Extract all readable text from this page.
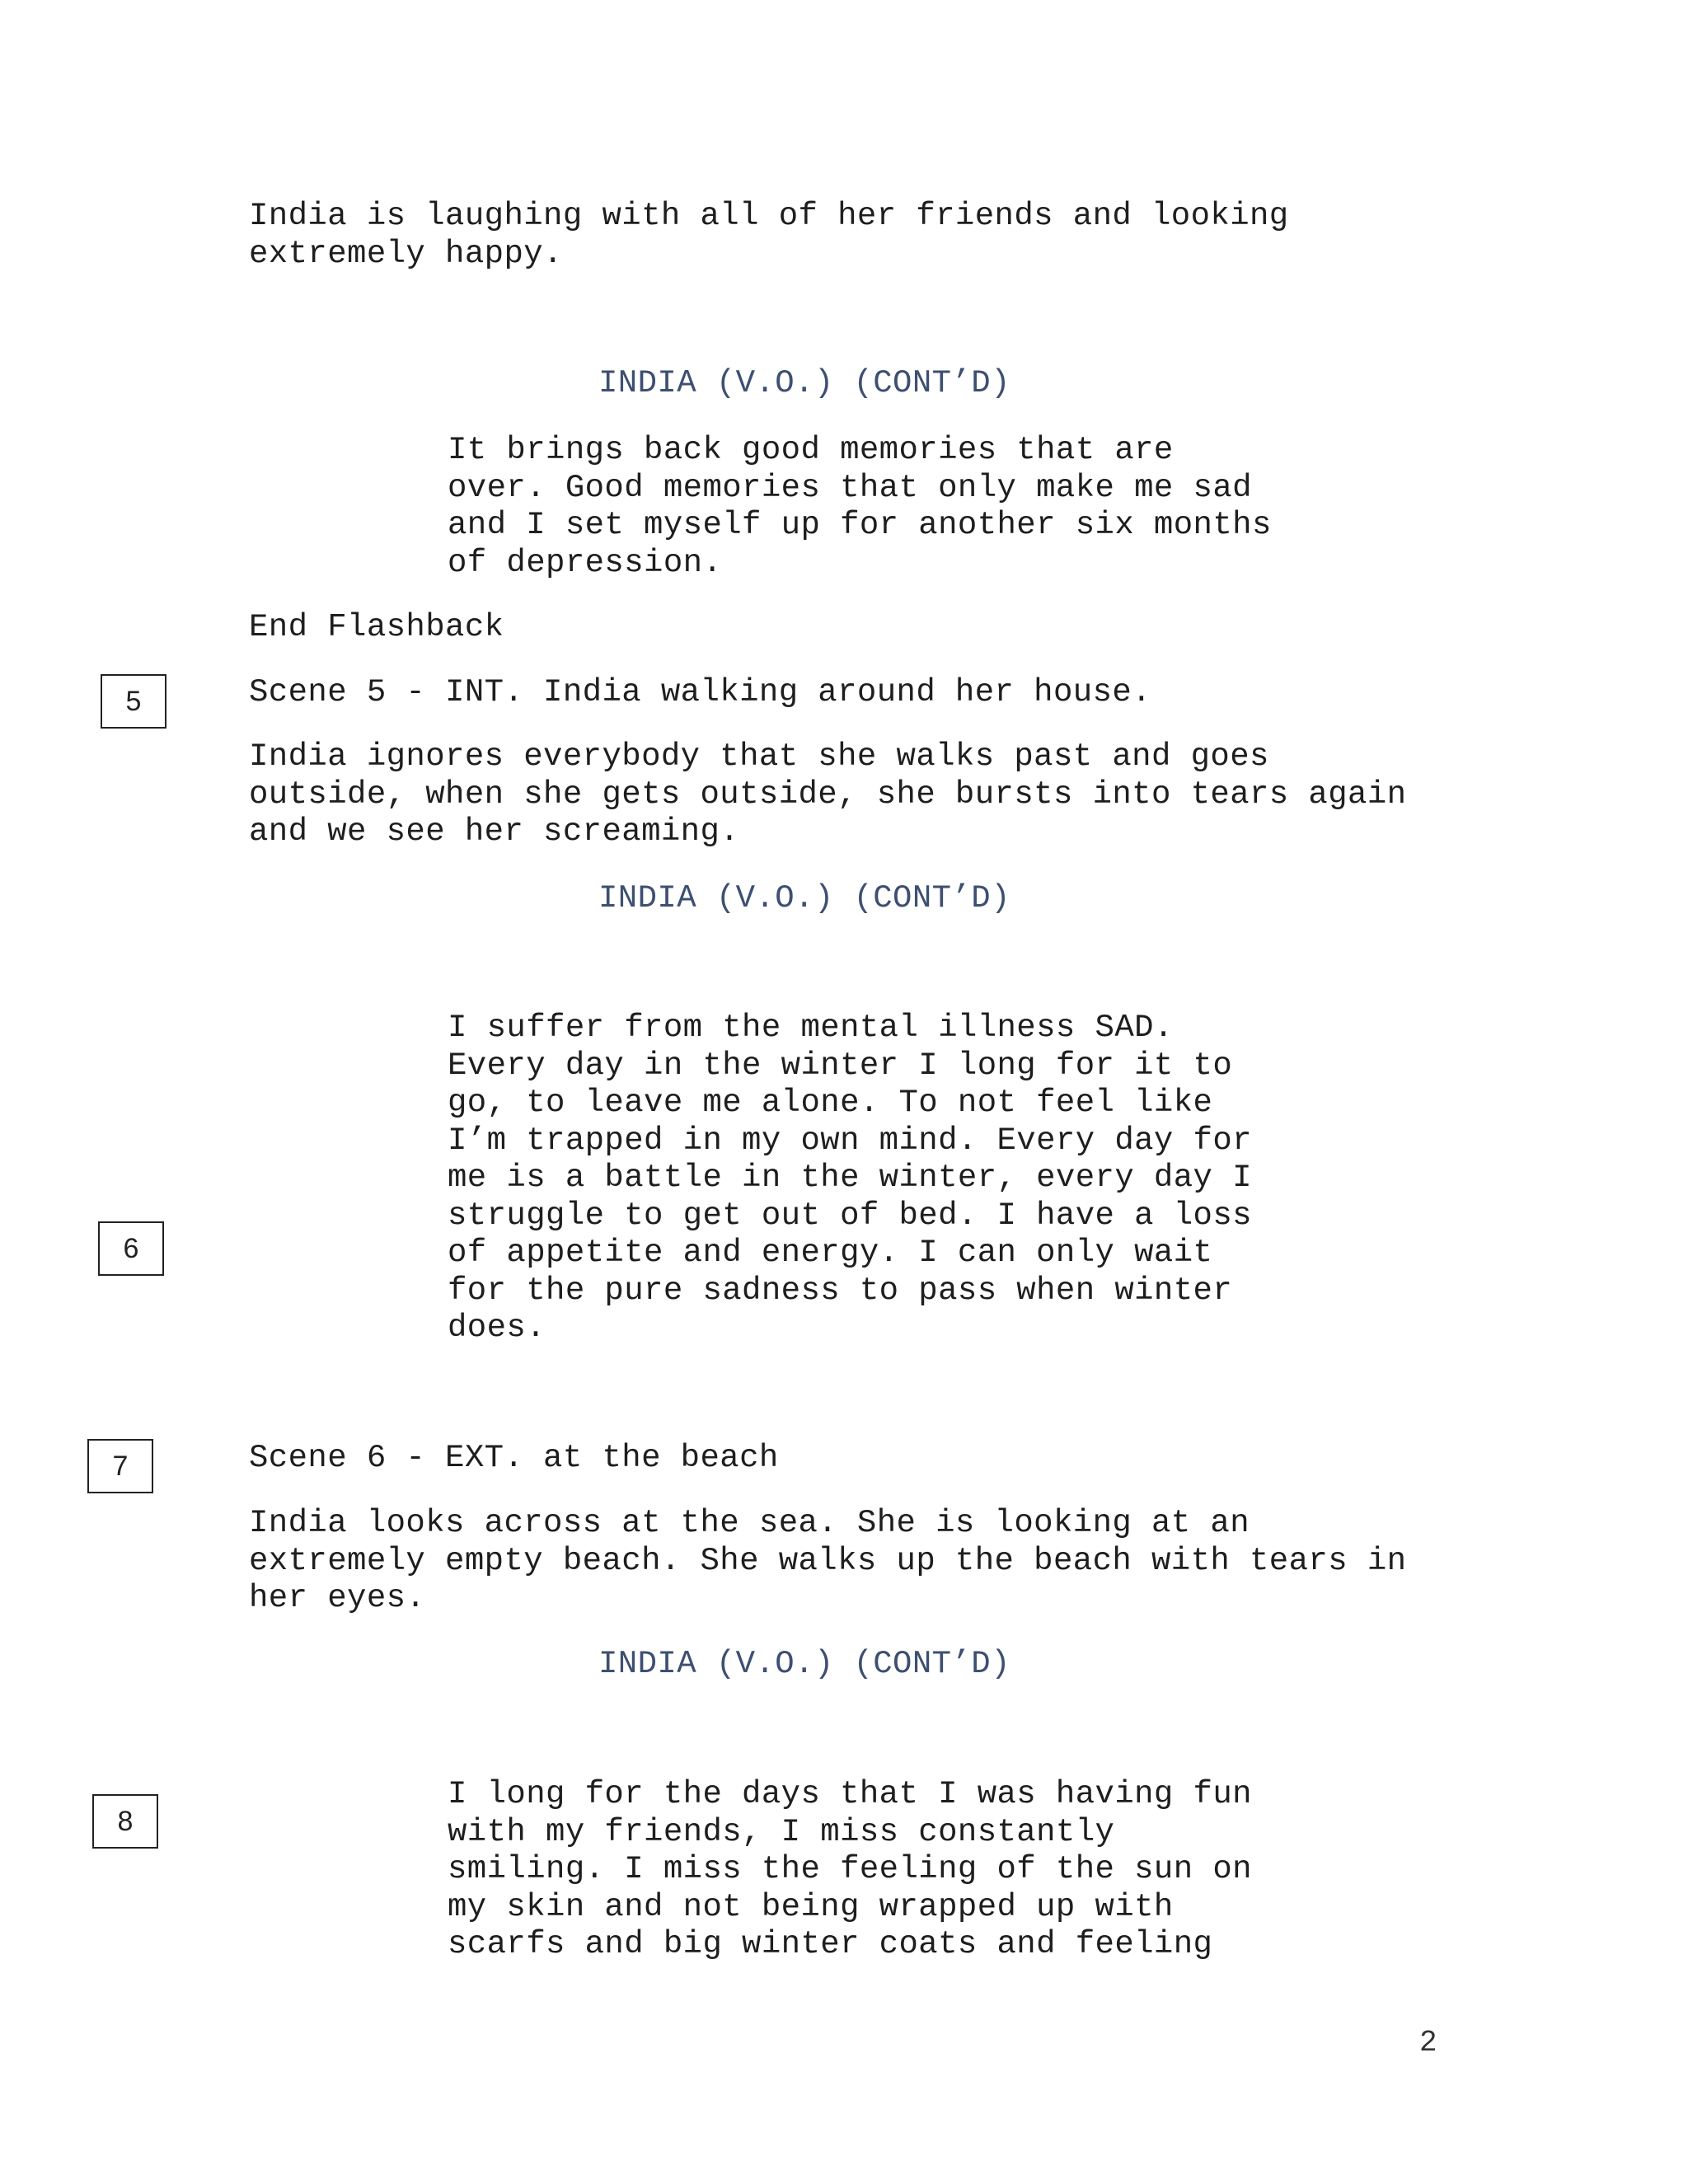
India is laughing with all of her friends and looking
extremely happy.
INDIA (V.O.) (CONT’D)
It brings back good memories that are
over. Good memories that only make me sad
and I set myself up for another six months
of depression.
End Flashback
5	Scene 5 - INT. India walking around her house.
India ignores everybody that she walks past and goes
outside, when she gets outside, she bursts into tears again
and we see her screaming.
INDIA (V.O.) (CONT’D)
I suffer from the mental illness SAD.
Every day in the winter I long for it to
go, to leave me alone. To not feel like
I’m trapped in my own mind. Every day for
me is a battle in the winter, every day I
struggle to get out of bed. I have a loss
of appetite and energy. I can only wait
for the pure sadness to pass when winter
does.
6
7	Scene 6 - EXT. at the beach
India looks across at the sea. She is looking at an
extremely empty beach. She walks up the beach with tears in
her eyes.
INDIA (V.O.) (CONT’D)
8
I long for the days that I was having fun
with my friends, I miss constantly
smiling. I miss the feeling of the sun on
my skin and not being wrapped up with
scarfs and big winter coats and feeling
2
